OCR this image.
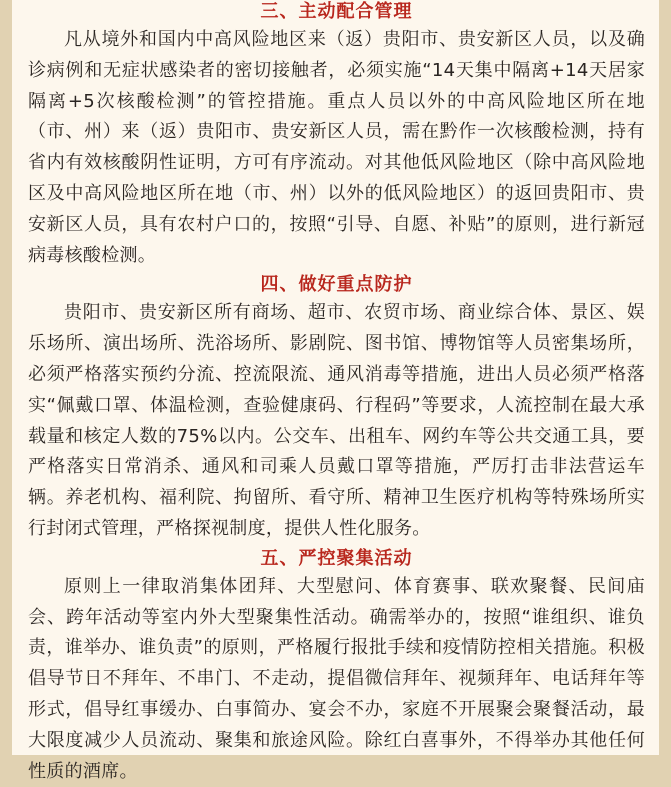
三、主动配合管理

凡从境外和国内中高风险地区来（返）贵阳市、贵安新区人员，以及确诊病例和无症状感染者的密切接触者，必须实施“14天集中隔离+14天居家隔离+5次核酸检测”的管控措施。重点人员以外的中高风险地区所在地（市、州）来（返）贵阳市、贵安新区人员，需在黔作一次核酸检测，持有省内有效核酸阴性证明，方可有序流动。对其他低风险地区（除中高风险地区及中高风险地区所在地（市、州）以外的低风险地区）的返回贵阳市、贵安新区人员，具有农村户口的，按照“引导、自愿、补贴”的原则，进行新冠病毒核酸检测。

四、做好重点防护

贵阳市、贵安新区所有商场、超市、农贸市场、商业综合体、景区、娱乐场所、演出场所、洗浴场所、影剧院、图书馆、博物馆等人员密集场所，必须严格落实预约分流、控流限流、通风消毒等措施，进出人员必须严格落实“佩戴口罩、体温检测，查验健康码、行程码”等要求，人流控制在最大承载量和核定人数的75%以内。公交车、出租车、网约车等公共交通工具，要严格落实日常消杀、通风和司乘人员戴口罩等措施，严厉打击非法营运车辆。养老机构、福利院、拘留所、看守所、精神卫生医疗机构等特殊场所实行封闭式管理，严格探视制度，提供人性化服务。

五、严控聚集活动

原则上一律取消集体团拜、大型慰问、体育赛事、联欢聚餐、民间庙会、跨年活动等室内外大型聚集性活动。确需举办的，按照“谁组织、谁负责，谁举办、谁负责”的原则，严格履行报批手续和疫情防控相关措施。积极倡导节日不拜年、不串门、不走动，提倡微信拜年、视频拜年、电话拜年等形式，倡导红事缓办、白事简办、宴会不办，家庭不开展聚会聚餐活动，最大限度减少人员流动、聚集和旅途风险。除红白喜事外，不得举办其他任何性质的酒席。
